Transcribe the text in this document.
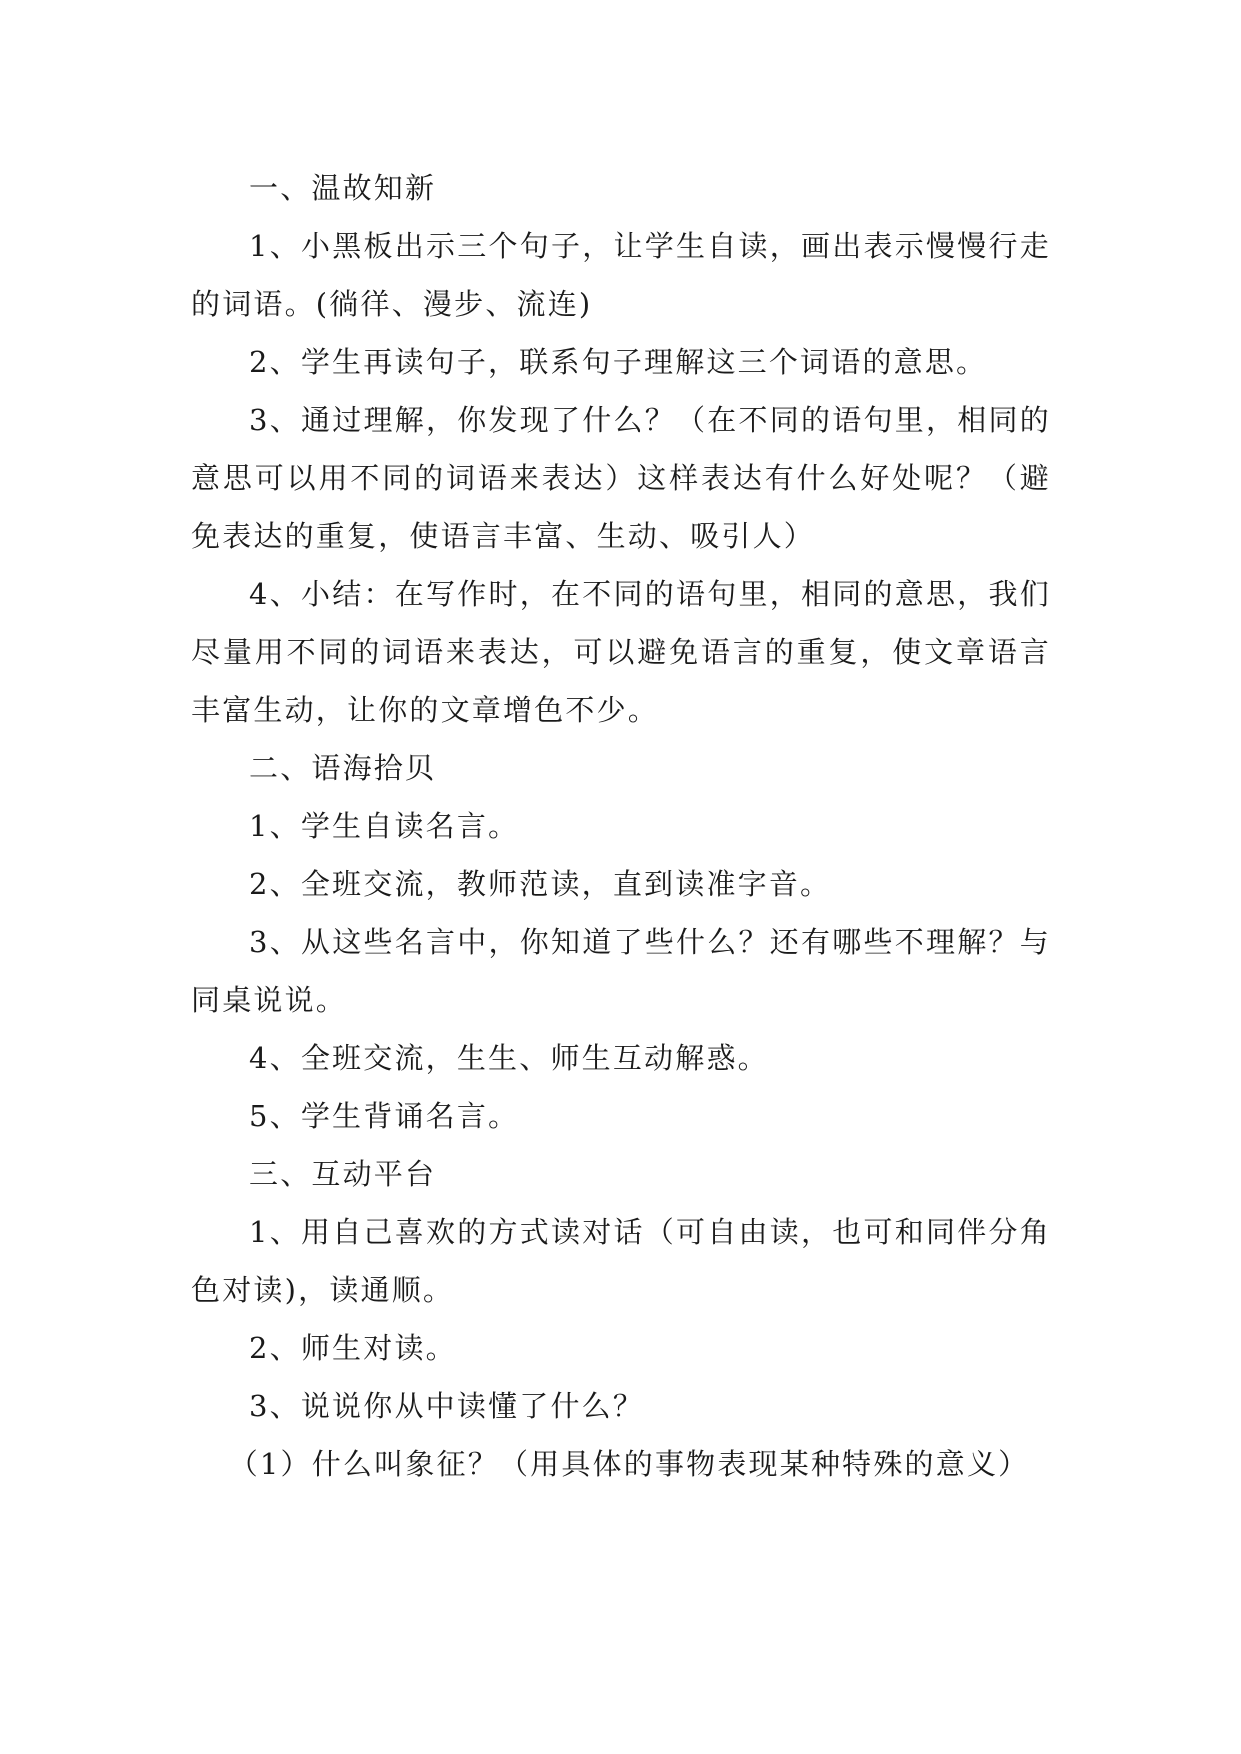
一、温故知新

1、小黑板出示三个句子，让学生自读，画出表示慢慢行走的词语。(徜徉、漫步、流连)

2、学生再读句子，联系句子理解这三个词语的意思。

3、通过理解，你发现了什么？（在不同的语句里，相同的意思可以用不同的词语来表达）这样表达有什么好处呢？（避免表达的重复，使语言丰富、生动、吸引人）

4、小结：在写作时，在不同的语句里，相同的意思，我们尽量用不同的词语来表达，可以避免语言的重复，使文章语言丰富生动，让你的文章增色不少。

二、语海拾贝

1、学生自读名言。

2、全班交流，教师范读，直到读准字音。

3、从这些名言中，你知道了些什么？还有哪些不理解？与同桌说说。

4、全班交流，生生、师生互动解惑。

5、学生背诵名言。

三、互动平台

1、用自己喜欢的方式读对话（可自由读，也可和同伴分角色对读)，读通顺。

2、师生对读。

3、说说你从中读懂了什么？

（1）什么叫象征？（用具体的事物表现某种特殊的意义）
